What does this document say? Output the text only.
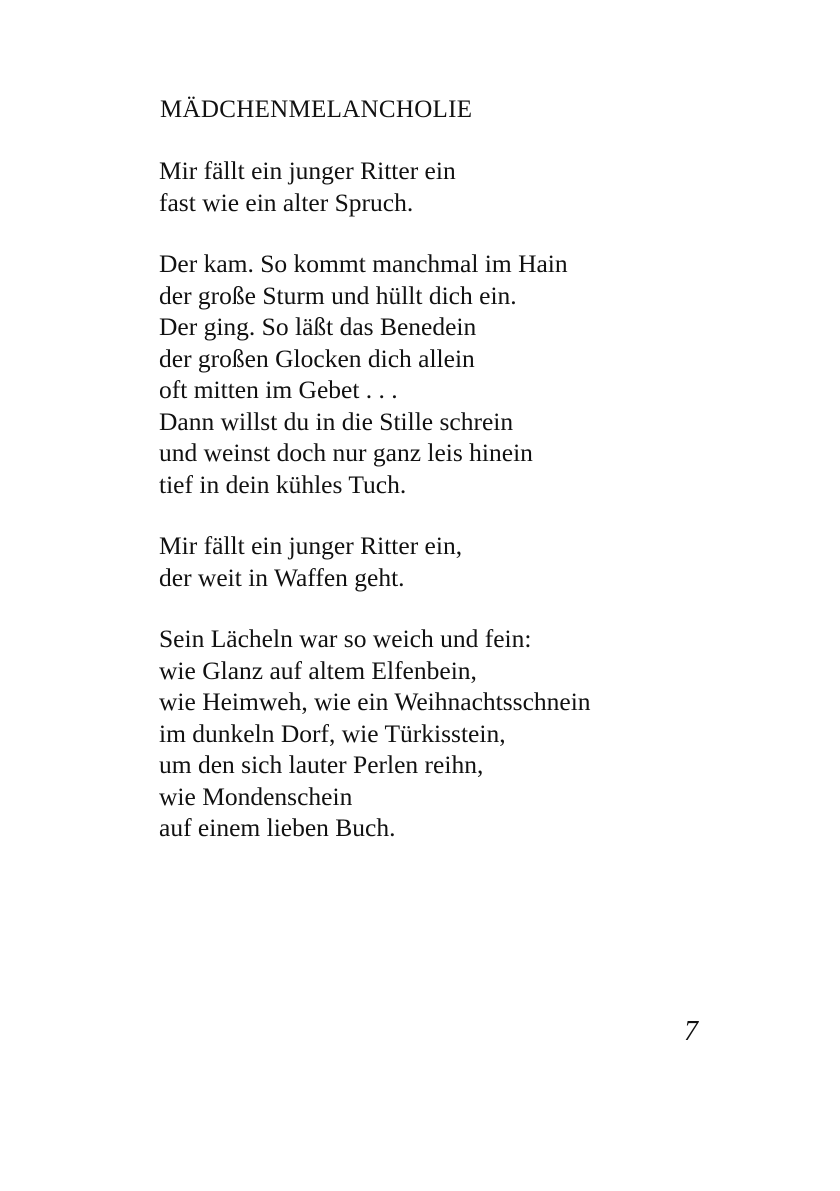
MÄDCHENMELANCHOLIE
Mir fällt ein junger Ritter ein
fast wie ein alter Spruch.
Der kam. So kommt manchmal im Hain
der große Sturm und hüllt dich ein.
Der ging. So läßt das Benedein
der großen Glocken dich allein
oft mitten im Gebet . . .
Dann willst du in die Stille schrein
und weinst doch nur ganz leis hinein
tief in dein kühles Tuch.
Mir fällt ein junger Ritter ein,
der weit in Waffen geht.
Sein Lächeln war so weich und fein:
wie Glanz auf altem Elfenbein,
wie Heimweh, wie ein Weihnachtsschnein
im dunkeln Dorf, wie Türkisstein,
um den sich lauter Perlen reihn,
wie Mondenschein
auf einem lieben Buch.
7
